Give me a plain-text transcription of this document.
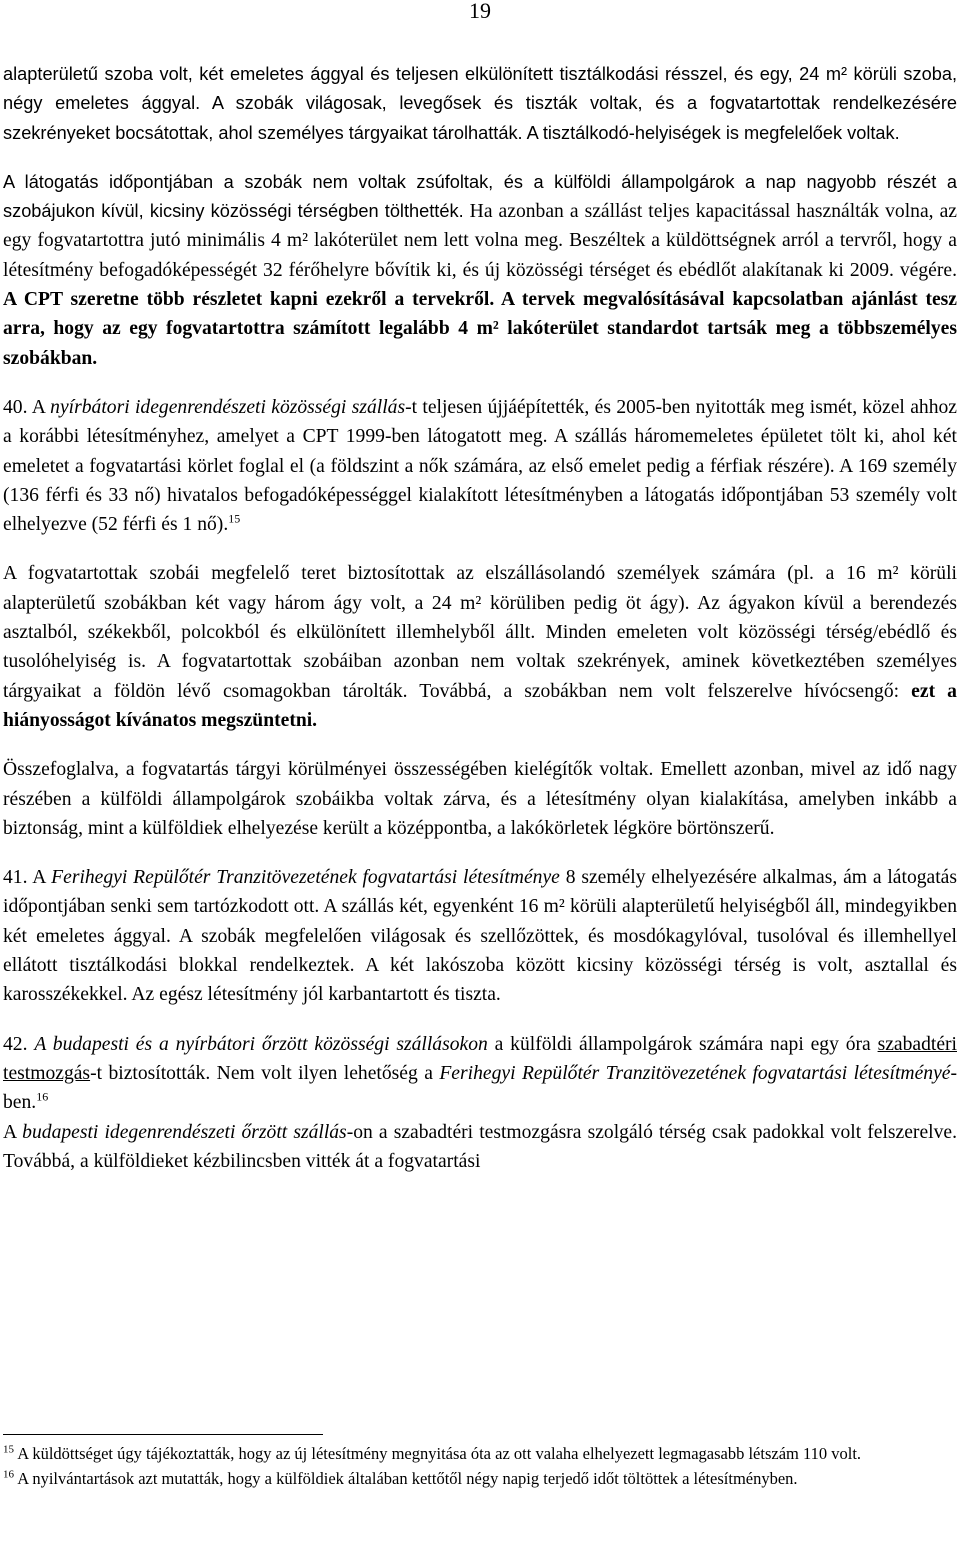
19

alapterületű szoba volt, két emeletes ággyal és teljesen elkülönített tisztálkodási résszel, és egy, 24 m² körüli szoba, négy emeletes ággyal. A szobák világosak, levegősek és tiszták voltak, és a fogvatartottak rendelkezésére szekrényeket bocsátottak, ahol személyes tárgyaikat tárolhatták. A tisztálkodó-helyiségek is megfelelőek voltak.

A látogatás időpontjában a szobák nem voltak zsúfoltak, és a külföldi állampolgárok a nap nagyobb részét a szobájukon kívül, kicsiny közösségi térségben tölthették. Ha azonban a szállást teljes kapacitással használták volna, az egy fogvatartottra jutó minimális 4 m² lakóterület nem lett volna meg. Beszéltek a küldöttségnek arról a tervről, hogy a létesítmény befogadóképességét 32 férőhelyre bővítik ki, és új közösségi térséget és ebédlőt alakítanak ki 2009. végére. A CPT szeretne több részletet kapni ezekről a tervekről. A tervek megvalósításával kapcsolatban ajánlást tesz arra, hogy az egy fogvatartottra számított legalább 4 m² lakóterület standardot tartsák meg a többszemélyes szobákban.

40. A nyírbátori idegenrendészeti közösségi szállás-t teljesen újjáépítették, és 2005-ben nyitották meg ismét, közel ahhoz a korábbi létesítményhez, amelyet a CPT 1999-ben látogatott meg. A szállás háromemeletes épületet tölt ki, ahol két emeletet a fogvatartási körlet foglal el (a földszint a nők számára, az első emelet pedig a férfiak részére). A 169 személy (136 férfi és 33 nő) hivatalos befogadóképességgel kialakított létesítményben a látogatás időpontjában 53 személy volt elhelyezve (52 férfi és 1 nő).$^{15}$

A fogvatartottak szobái megfelelő teret biztosítottak az elszállásolandó személyek számára (pl. a 16 m² körüli alapterületű szobákban két vagy három ágy volt, a 24 m² körüliben pedig öt ágy). Az ágyakon kívül a berendezés asztalból, székekből, polcokból és elkülönített illemhelyből állt. Minden emeleten volt közösségi térség/ebédlő és tusolóhelyiség is. A fogvatartottak szobáiban azonban nem voltak szekrények, aminek következtében személyes tárgyaikat a földön lévő csomagokban tárolták. Továbbá, a szobákban nem volt felszerelve hívócsengő: ezt a hiányosságot kívánatos megszüntetni.

Összefoglalva, a fogvatartás tárgyi körülményei összességében kielégítők voltak. Emellett azonban, mivel az idő nagy részében a külföldi állampolgárok szobáikba voltak zárva, és a létesítmény olyan kialakítása, amelyben inkább a biztonság, mint a külföldiek elhelyezése került a középpontba, a lakókörletek légköre börtönszerű.

41. A Ferihegyi Repülőtér Tranzitövezetének fogvatartási létesítménye 8 személy elhelyezésére alkalmas, ám a látogatás időpontjában senki sem tartózkodott ott. A szállás két, egyenként 16 m² körüli alapterületű helyiségből áll, mindegyikben két emeletes ággyal. A szobák megfelelően világosak és szellőzöttek, és mosdókagylóval, tusolóval és illemhellyel ellátott tisztálkodási blokkal rendelkeztek. A két lakószoba között kicsiny közösségi térség is volt, asztallal és karosszékekkel. Az egész létesítmény jól karbantartott és tiszta.

42. A budapesti és a nyírbátori őrzött közösségi szállásokon a külföldi állampolgárok számára napi egy óra szabadtéri testmozgás-t biztosították. Nem volt ilyen lehetőség a Ferihegyi Repülőtér Tranzitövezetének fogvatartási létesítményé-ben.$^{16}$

A budapesti idegenrendészeti őrzött szállás-on a szabadtéri testmozgásra szolgáló térség csak padokkal volt felszerelve. Továbbá, a külföldieket kézbilincsben vitték át a fogvatartási

$^{15}$ A küldöttséget úgy tájékoztatták, hogy az új létesítmény megnyitása óta az ott valaha elhelyezett legmagasabb létszám 110 volt.

$^{16}$ A nyilvántartások azt mutatták, hogy a külföldiek általában kettőtől négy napig terjedő időt töltöttek a létesítményben.
